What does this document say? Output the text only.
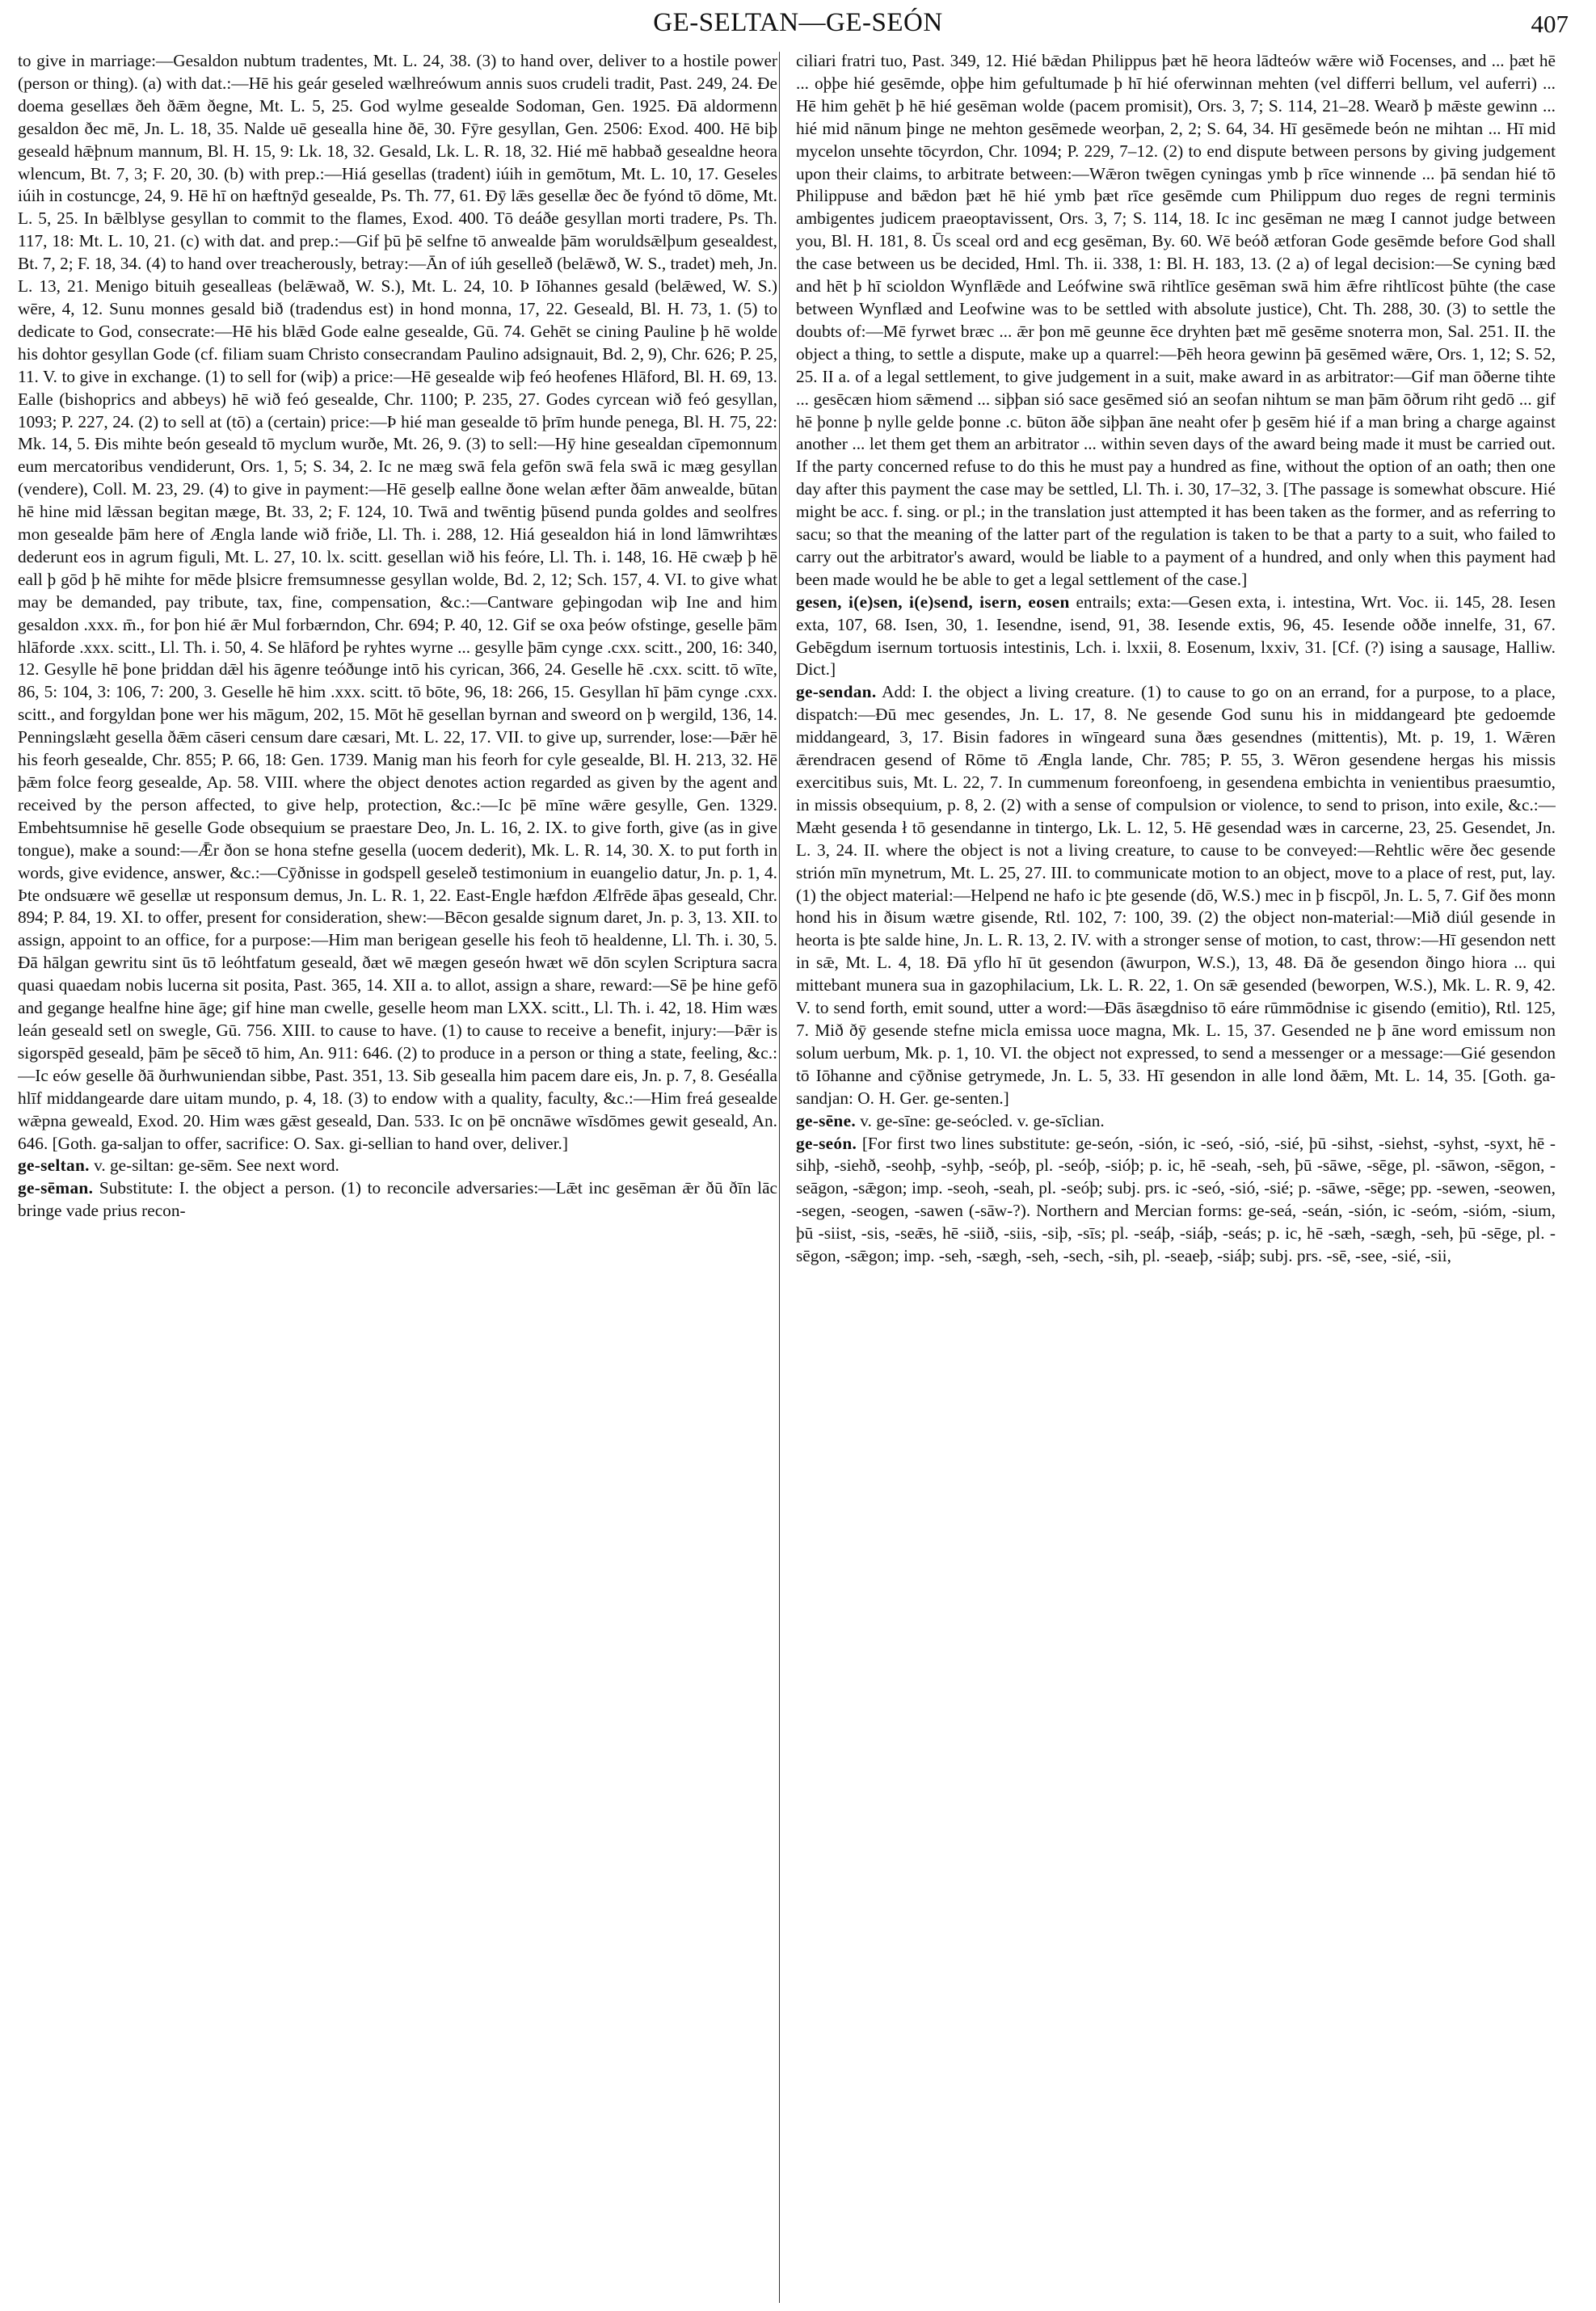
GE-SELTAN—GE-SEÓN	407

to give in marriage:—Gesaldon nubtum tradentes, Mt. L. 24, 38. (3) to hand over, deliver to a hostile power (person or thing). (a) with dat.:—Hē his geár geseled wælhreówum annis suos crudeli tradit, Past. 249, 24. Ðe doema gesellæs ðeh ðǣm ðegne, Mt. L. 5, 25. God wylme gesealde Sodoman, Gen. 1925. Ðā aldormenn gesaldon ðec mē, Jn. L. 18, 35. Nalde uē gesealla hine ðē, 30. Fȳre gesyllan, Gen. 2506: Exod. 400. Hē biþ geseald hǣþnum mannum, Bl. H. 15, 9: Lk. 18, 32. Gesald, Lk. L. R. 18, 32. Hié mē habbað gesealdne heora wlencum, Bt. 7, 3; F. 20, 30. (b) with prep.:—Hiá gesellas (tradent) iúih in gemōtum, Mt. L. 10, 17. Geseles iúih in costuncge, 24, 9. Hē hī on hæftnȳd gesealde, Ps. Th. 77, 61. Ðȳ lǣs gesellæ ðec ðe fyónd tō dōme, Mt. L. 5, 25. In bǣlblyse gesyllan to commit to the flames, Exod. 400. Tō deáðe gesyllan morti tradere, Ps. Th. 117, 18: Mt. L. 10, 21. (c) with dat. and prep.:—Gif þū þē selfne tō anwealde þām woruldsǣlþum gesealdest, Bt. 7, 2; F. 18, 34. (4) to hand over treacherously, betray:—Ān of iúh geselleð (belǣwð, W. S., tradet) meh, Jn. L. 13, 21. Menigo bituih gesealleas (belǣwað, W. S.), Mt. L. 24, 10. Þ Iōhannes gesald (belǣwed, W. S.) wēre, 4, 12. Sunu monnes gesald bið (tradendus est) in hond monna, 17, 22. Geseald, Bl. H. 73, 1. (5) to dedicate to God, consecrate:—Hē his blǣd Gode ealne gesealde, Gū. 74. Gehēt se cining Pauline þ hē wolde his dohtor gesyllan Gode (cf. filiam suam Christo consecrandam Paulino adsignauit, Bd. 2, 9), Chr. 626; P. 25, 11. V. to give in exchange. (1) to sell for (wiþ) a price:—Hē gesealde wiþ feó heofenes Hlāford, Bl. H. 69, 13. Ealle (bishoprics and abbeys) hē wið feó gesealde, Chr. 1100; P. 235, 27. Godes cyrcean wið feó gesyllan, 1093; P. 227, 24. (2) to sell at (tō) a (certain) price:—Þ hié man gesealde tō þrīm hunde penega, Bl. H. 75, 22: Mk. 14, 5. Ðis mihte beón geseald tō myclum wurðe, Mt. 26, 9. (3) to sell:—Hȳ hine gesealdan cīpemonnum eum mercatoribus vendiderunt, Ors. 1, 5; S. 34, 2. Ic ne mæg swā fela gefōn swā fela swā ic mæg gesyllan (vendere), Coll. M. 23, 29. (4) to give in payment:—Hē geselþ eallne ðone welan æfter ðām anwealde, būtan hē hine mid lǣssan begitan mæge, Bt. 33, 2; F. 124, 10. Twā and twēntig þūsend punda goldes and seolfres mon gesealde þām here of Ængla lande wið friðe, Ll. Th. i. 288, 12. Hiá gesealdon hiá in lond lāmwrihtæs dederunt eos in agrum figuli, Mt. L. 27, 10. lx. scitt. gesellan wið his feóre, Ll. Th. i. 148, 16. Hē cwæþ þ hē eall þ gōd þ hē mihte for mēde þlsicre fremsumnesse gesyllan wolde, Bd. 2, 12; Sch. 157, 4. VI. to give what may be demanded, pay tribute, tax, fine, compensation, &c.:—Cantware geþingodan wiþ Ine and him gesaldon .xxx. m̄., for þon hié ǣr Mul forbærndon, Chr. 694; P. 40, 12. Gif se oxa þeów ofstinge, geselle þām hlāforde .xxx. scitt., Ll. Th. i. 50, 4. Se hlāford þe ryhtes wyrne ... gesylle þām cynge .cxx. scitt., 200, 16: 340, 12. Gesylle hē þone þriddan dǣl his āgenre teóðunge intō his cyrican, 366, 24. Geselle hē .cxx. scitt. tō wīte, 86, 5: 104, 3: 106, 7: 200, 3. Geselle hē him .xxx. scitt. tō bōte, 96, 18: 266, 15. Gesyllan hī þām cynge .cxx. scitt., and forgyldan þone wer his māgum, 202, 15. Mōt hē gesellan byrnan and sweord on þ wergild, 136, 14. Penningslæht gesella ðǣm cāseri censum dare cæsari, Mt. L. 22, 17. VII. to give up, surrender, lose:—Þǣr hē his feorh gesealde, Chr. 855; P. 66, 18: Gen. 1739. Manig man his feorh for cyle gesealde, Bl. H. 213, 32. Hē þǣm folce feorg gesealde, Ap. 58. VIII. where the object denotes action regarded as given by the agent and received by the person affected, to give help, protection, &c.:—Ic þē mīne wǣre gesylle, Gen. 1329. Embehtsumnise hē geselle Gode obsequium se praestare Deo, Jn. L. 16, 2. IX. to give forth, give (as in give tongue), make a sound:—Ǣr ðon se hona stefne gesella (uocem dederit), Mk. L. R. 14, 30. X. to put forth in words, give evidence, answer, &c.:—Cȳðnisse in godspell geseleð testimonium in euangelio datur, Jn. p. 1, 4. Þte ondsuære wē gesellæ ut responsum demus, Jn. L. R. 1, 22. East-Engle hæfdon Ælfrēde āþas geseald, Chr. 894; P. 84, 19. XI. to offer, present for consideration, shew:—Bēcon gesalde signum daret, Jn. p. 3, 13. XII. to assign, appoint to an office, for a purpose:—Him man berigean geselle his feoh tō healdenne, Ll. Th. i. 30, 5. Ðā hālgan gewritu sint ūs tō leóhtfatum geseald, ðæt wē mægen geseón hwæt wē dōn scylen Scriptura sacra quasi quaedam nobis lucerna sit posita, Past. 365, 14. XII a. to allot, assign a share, reward:—Sē þe hine gefō and gegange healfne hine āge; gif hine man cwelle, geselle heom man LXX. scitt., Ll. Th. i. 42, 18. Him wæs leán geseald setl on swegle, Gū. 756. XIII. to cause to have. (1) to cause to receive a benefit, injury:—Þǣr is sigorspēd geseald, þām þe sēceð tō him, An. 911: 646. (2) to produce in a person or thing a state, feeling, &c.:—Ic eów geselle ðā ðurhwuniendan sibbe, Past. 351, 13. Sib gesealla him pacem dare eis, Jn. p. 7, 8. Geséalla hlīf middangearde dare uitam mundo, p. 4, 18. (3) to endow with a quality, faculty, &c.:—Him freá gesealde wǣpna geweald, Exod. 20. Him wæs gǣst geseald, Dan. 533. Ic on þē oncnāwe wīsdōmes gewit geseald, An. 646. [Goth. ga-saljan to offer, sacrifice: O. Sax. gi-sellian to hand over, deliver.]

ge-seltan. v. ge-siltan: ge-sēm. See next word.

ge-sēman. Substitute: I. the object a person. (1) to reconcile adversaries:—Lǣt inc gesēman ǣr ðū ðīn lāc bringe vade prius recon-

ciliari fratri tuo, Past. 349, 12. Hié bǣdan Philippus þæt hē heora lādteów wǣre wið Focenses, and ... þæt hē ... oþþe hié gesēmde, oþþe him gefultumade þ hī hié oferwinnan mehten (vel differri bellum, vel auferri) ... Hē him gehēt þ hē hié gesēman wolde (pacem promisit), Ors. 3, 7; S. 114, 21–28. Wearð þ mǣste gewinn ... hié mid nānum þinge ne mehton gesēmede weorþan, 2, 2; S. 64, 34. Hī gesēmede beón ne mihtan ... Hī mid mycelon unsehte tōcyrdon, Chr. 1094; P. 229, 7–12. (2) to end dispute between persons by giving judgement upon their claims, to arbitrate between:—Wǣron twēgen cyningas ymb þ rīce winnende ... þā sendan hié tō Philippuse and bǣdon þæt hē hié ymb þæt rīce gesēmde cum Philippum duo reges de regni terminis ambigentes judicem praeoptavissent, Ors. 3, 7; S. 114, 18. Ic inc gesēman ne mæg I cannot judge between you, Bl. H. 181, 8. Ūs sceal ord and ecg gesēman, By. 60. Wē beóð ætforan Gode gesēmde before God shall the case between us be decided, Hml. Th. ii. 338, 1: Bl. H. 183, 13. (2 a) of legal decision:—Se cyning bæd and hēt þ hī scioldon Wynflǣde and Leófwine swā rihtlīce gesēman swā him ǣfre rihtlīcost þūhte (the case between Wynflæd and Leofwine was to be settled with absolute justice), Cht. Th. 288, 30. (3) to settle the doubts of:—Mē fyrwet bræc ... ǣr þon mē geunne ēce dryhten þæt mē gesēme snoterra mon, Sal. 251. II. the object a thing, to settle a dispute, make up a quarrel:—Þēh heora gewinn þā gesēmed wǣre, Ors. 1, 12; S. 52, 25. II a. of a legal settlement, to give judgement in a suit, make award in as arbitrator:—Gif man ōðerne tihte ... gesēcæn hiom sǣmend ... siþþan sió sace gesēmed sió an seofan nihtum se man þām ōðrum riht gedō ... gif hē þonne þ nylle gelde þonne .c. būton āðe siþþan āne neaht ofer þ gesēm hié if a man bring a charge against another ... let them get them an arbitrator ... within seven days of the award being made it must be carried out. If the party concerned refuse to do this he must pay a hundred as fine, without the option of an oath; then one day after this payment the case may be settled, Ll. Th. i. 30, 17–32, 3. [The passage is somewhat obscure. Hié might be acc. f. sing. or pl.; in the translation just attempted it has been taken as the former, and as referring to sacu; so that the meaning of the latter part of the regulation is taken to be that a party to a suit, who failed to carry out the arbitrator's award, would be liable to a payment of a hundred, and only when this payment had been made would he be able to get a legal settlement of the case.]

gesen, i(e)sen, i(e)send, isern, eosen entrails; exta:—Gesen exta, i. intestina, Wrt. Voc. ii. 145, 28. Iesen exta, 107, 68. Isen, 30, 1. Iesendne, isend, 91, 38. Iesende extis, 96, 45. Iesende oððe innelfe, 31, 67. Gebēgdum isernum tortuosis intestinis, Lch. i. lxxii, 8. Eosenum, lxxiv, 31. [Cf. (?) ising a sausage, Halliw. Dict.]

ge-sendan. Add: I. the object a living creature. (1) to cause to go on an errand, for a purpose, to a place, dispatch:—Ðū mec gesendes, Jn. L. 17, 8. Ne gesende God sunu his in middangeard þte gedoemde middangeard, 3, 17. Bisin fadores in wīngeard suna ðæs gesendnes (mittentis), Mt. p. 19, 1. Wǣren ǣrendracen gesend of Rōme tō Ængla lande, Chr. 785; P. 55, 3. Wēron gesendene hergas his missis exercitibus suis, Mt. L. 22, 7. In cummenum foreonfoeng, in gesendena embichta in venientibus praesumtio, in missis obsequium, p. 8, 2. (2) with a sense of compulsion or violence, to send to prison, into exile, &c.:—Mæht gesenda ł tō gesendanne in tintergo, Lk. L. 12, 5. Hē gesendad wæs in carcerne, 23, 25. Gesendet, Jn. L. 3, 24. II. where the object is not a living creature, to cause to be conveyed:—Rehtlic wēre ðec gesende strión mīn mynetrum, Mt. L. 25, 27. III. to communicate motion to an object, move to a place of rest, put, lay. (1) the object material:—Helpend ne hafo ic þte gesende (dō, W.S.) mec in þ fiscpōl, Jn. L. 5, 7. Gif ðes monn hond his in ðisum wætre gisende, Rtl. 102, 7: 100, 39. (2) the object non-material:—Mið diúl gesende in heorta is þte salde hine, Jn. L. R. 13, 2. IV. with a stronger sense of motion, to cast, throw:—Hī gesendon nett in sǣ, Mt. L. 4, 18. Ðā yflo hī ūt gesendon (āwurpon, W.S.), 13, 48. Ðā ðe gesendon ðingo hiora ... qui mittebant munera sua in gazophilacium, Lk. L. R. 22, 1. On sǣ gesended (beworpen, W.S.), Mk. L. R. 9, 42. V. to send forth, emit sound, utter a word:—Ðās āsægdniso tō eáre rūmmōdnise ic gisendo (emitio), Rtl. 125, 7. Mið ðȳ gesende stefne micla emissa uoce magna, Mk. L. 15, 37. Gesended ne þ āne word emissum non solum uerbum, Mk. p. 1, 10. VI. the object not expressed, to send a messenger or a message:—Gié gesendon tō Iōhanne and cȳðnise getrymede, Jn. L. 5, 33. Hī gesendon in alle lond ðǣm, Mt. L. 14, 35. [Goth. ga-sandjan: O. H. Ger. ge-senten.]

ge-sēne. v. ge-sīne: ge-seócled. v. ge-sīclian.

ge-seón. [For first two lines substitute: ge-seón, -sión, ic -seó, -sió, -sié, þū -sihst, -siehst, -syhst, -syxt, hē -sihþ, -siehð, -seohþ, -syhþ, -seóþ, pl. -seóþ, -sióþ; p. ic, hē -seah, -seh, þū -sāwe, -sēge, pl. -sāwon, -sēgon, -seāgon, -sǣgon; imp. -seoh, -seah, pl. -seóþ; subj. prs. ic -seó, -sió, -sié; p. -sāwe, -sēge; pp. -sewen, -seowen, -segen, -seogen, -sawen (-sāw-?). Northern and Mercian forms: ge-seá, -seán, -sión, ic -seóm, -sióm, -sium, þū -siist, -sis, -seǣs, hē -siið, -siis, -siþ, -sīs; pl. -seáþ, -siáþ, -seás; p. ic, hē -sæh, -sægh, -seh, þū -sēge, pl. -sēgon, -sǣgon; imp. -seh, -sægh, -seh, -sech, -sih, pl. -seaeþ, -siáþ; subj. prs. -sē, -see, -sié, -sii,
